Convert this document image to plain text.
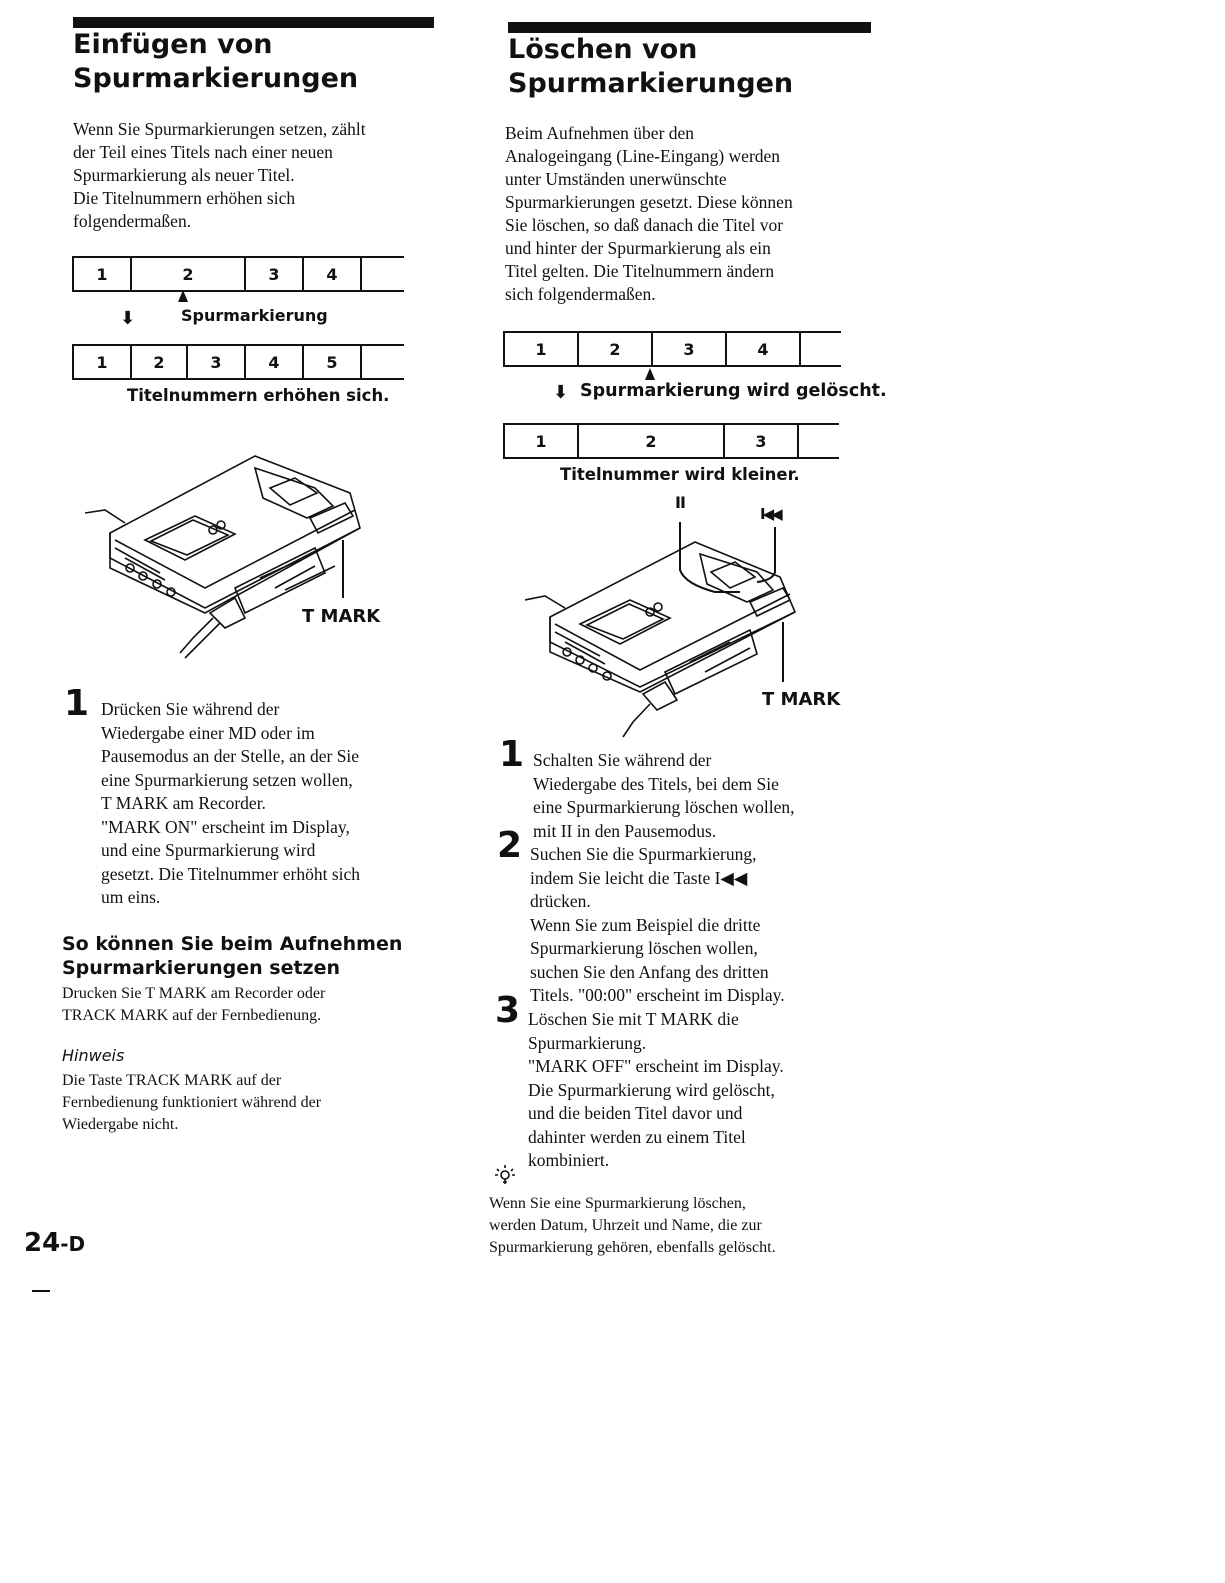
Einfügen von
Spurmarkierungen

Wenn Sie Spurmarkierungen setzen, zählt

der Teil eines Titels nach einer neuen

Spurmarkierung als neuer Titel.

Die Titelnummern erhöhen sich

folgendermaßen.

1	2	3	4
⬇	Spurmarkierung
1	2	3	4	5
Titelnummern erhöhen sich.
T MARK
1 Drücken Sie während der

Wiedergabe einer MD oder im

Pausemodus an der Stelle, an der Sie

eine Spurmarkierung setzen wollen,

T MARK am Recorder.

"MARK ON" erscheint im Display,

und eine Spurmarkierung wird

gesetzt. Die Titelnummer erhöht sich

um eins.

So können Sie beim Aufnehmen
Spurmarkierungen setzen

Drucken Sie T MARK am Recorder oder

TRACK MARK auf der Fernbedienung.

Hinweis

Die Taste TRACK MARK auf der

Fernbedienung funktioniert während der

Wiedergabe nicht.

24-D
Löschen von
Spurmarkierungen

Beim Aufnehmen über den

Analogeingang (Line-Eingang) werden

unter Umständen unerwünschte

Spurmarkierungen gesetzt. Diese können

Sie löschen, so daß danach die Titel vor

und hinter der Spurmarkierung als ein

Titel gelten. Die Titelnummern ändern

sich folgendermaßen.

1	2	3	4
⬇ Spurmarkierung wird gelöscht.
1	2	3
Titelnummer wird kleiner.
II
I◀◀
T MARK
1 Schalten Sie während der

Wiedergabe des Titels, bei dem Sie

eine Spurmarkierung löschen wollen,

mit II in den Pausemodus.

2 Suchen Sie die Spurmarkierung,

indem Sie leicht die Taste I◀◀

drücken.

Wenn Sie zum Beispiel die dritte

Spurmarkierung löschen wollen,

suchen Sie den Anfang des dritten

Titels. "00:00" erscheint im Display.

3 Löschen Sie mit T MARK die

Spurmarkierung.

"MARK OFF" erscheint im Display.

Die Spurmarkierung wird gelöscht,

und die beiden Titel davor und

dahinter werden zu einem Titel

kombiniert.

Wenn Sie eine Spurmarkierung löschen,

werden Datum, Uhrzeit und Name, die zur

Spurmarkierung gehören, ebenfalls gelöscht.
